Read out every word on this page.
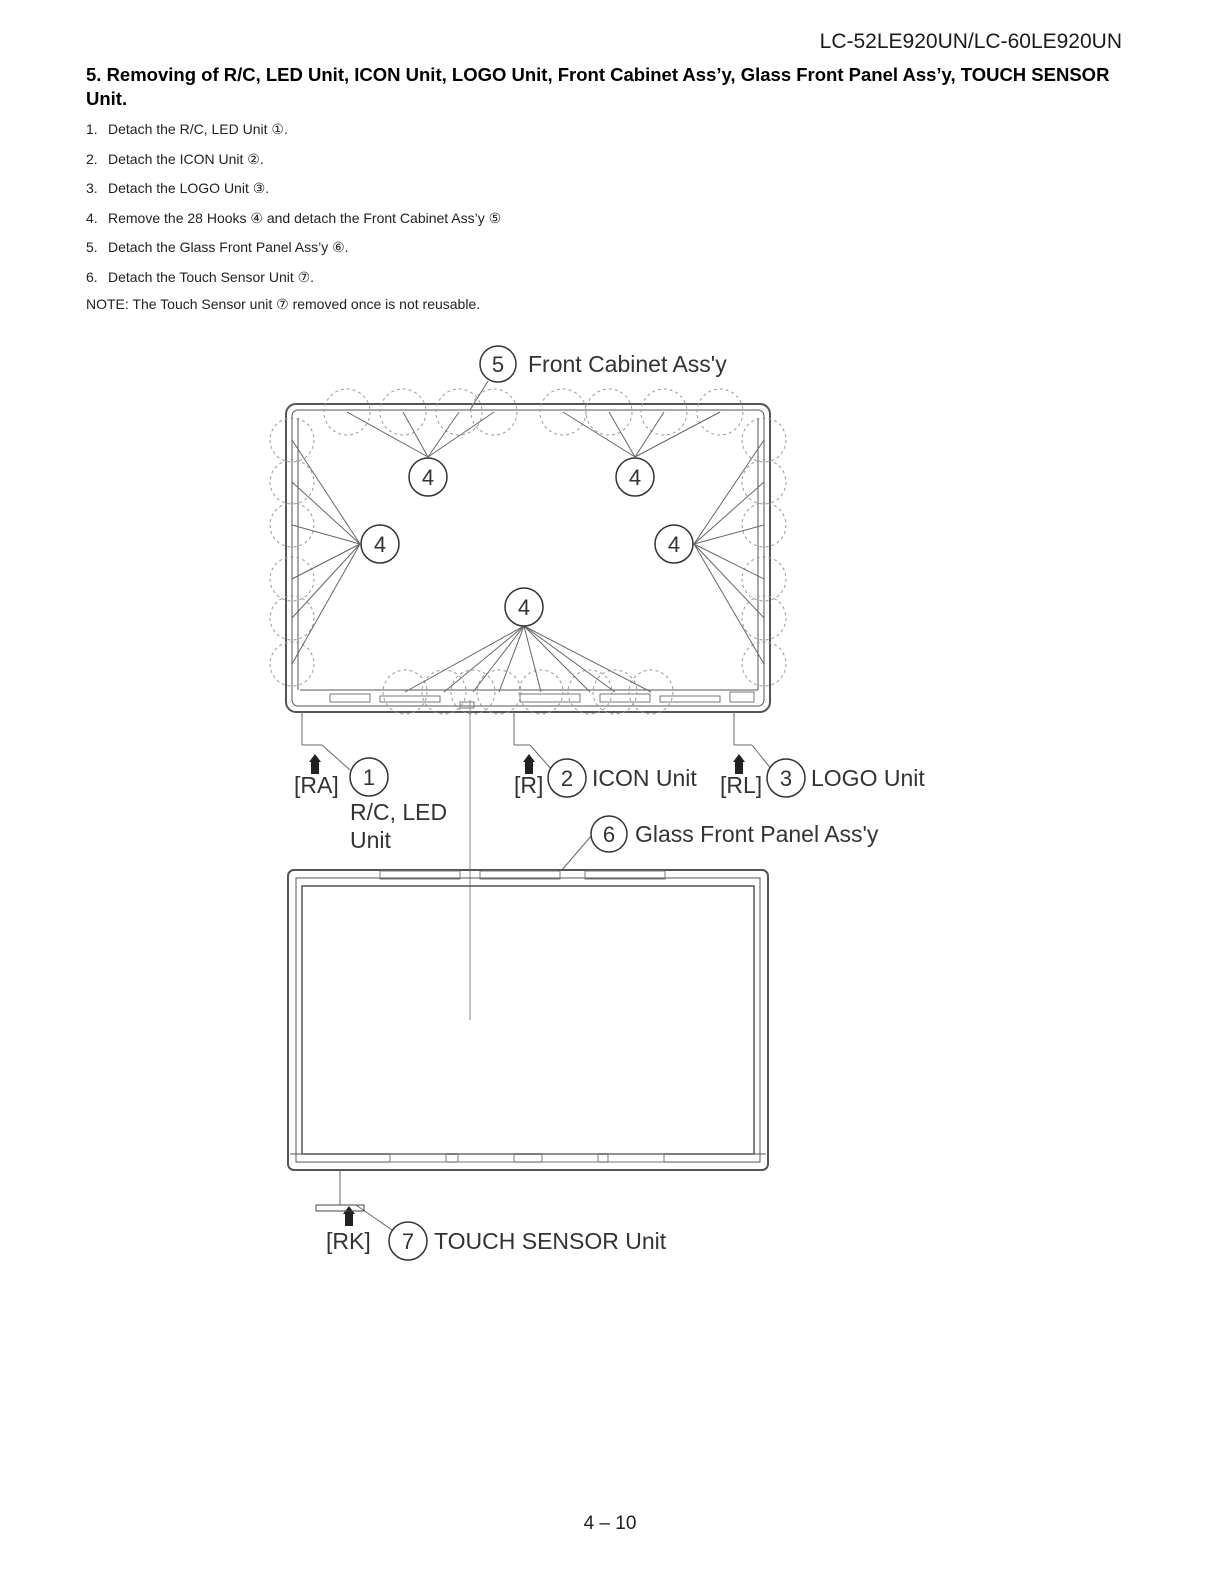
LC-52LE920UN/LC-60LE920UN
5. Removing of R/C, LED Unit, ICON Unit, LOGO Unit, Front Cabinet Ass’y, Glass Front Panel Ass’y, TOUCH SENSOR Unit.
1. Detach the R/C, LED Unit ①.
2. Detach the ICON Unit ②.
3. Detach the LOGO Unit ③.
4. Remove the 28 Hooks ④ and detach the Front Cabinet Ass’y ⑤
5. Detach the Glass Front Panel Ass’y ⑥.
6. Detach the Touch Sensor Unit ⑦.
NOTE: The Touch Sensor unit ⑦ removed once is not reusable.
5
4	4
4	4
4
1	2	3
6
7
Front Cabinet Ass'y
[RA]
R/C, LED
Unit
[R] ICON Unit [RL] LOGO Unit
Glass Front Panel Ass'y
[RK]	TOUCH SENSOR Unit
4 – 10
